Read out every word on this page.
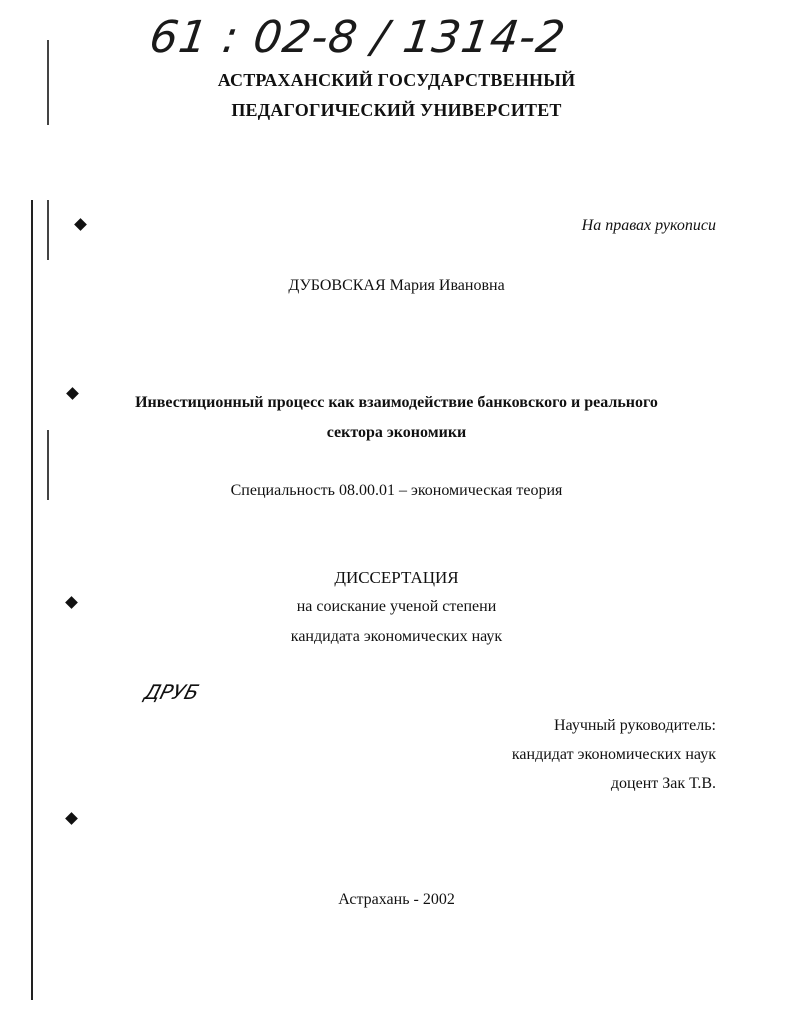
61 : 02-8 / 1314-2
АСТРАХАНСКИЙ ГОСУДАРСТВЕННЫЙ
ПЕДАГОГИЧЕСКИЙ УНИВЕРСИТЕТ
На правах рукописи
ДУБОВСКАЯ Мария Ивановна
Инвестиционный процесс как взаимодействие банковского и реального
сектора экономики
Специальность 08.00.01 – экономическая теория
ДИССЕРТАЦИЯ
на соискание ученой степени
кандидата экономических наук
ДРУБ
Научный руководитель:
кандидат экономических наук
доцент Зак Т.В.
Астрахань - 2002
